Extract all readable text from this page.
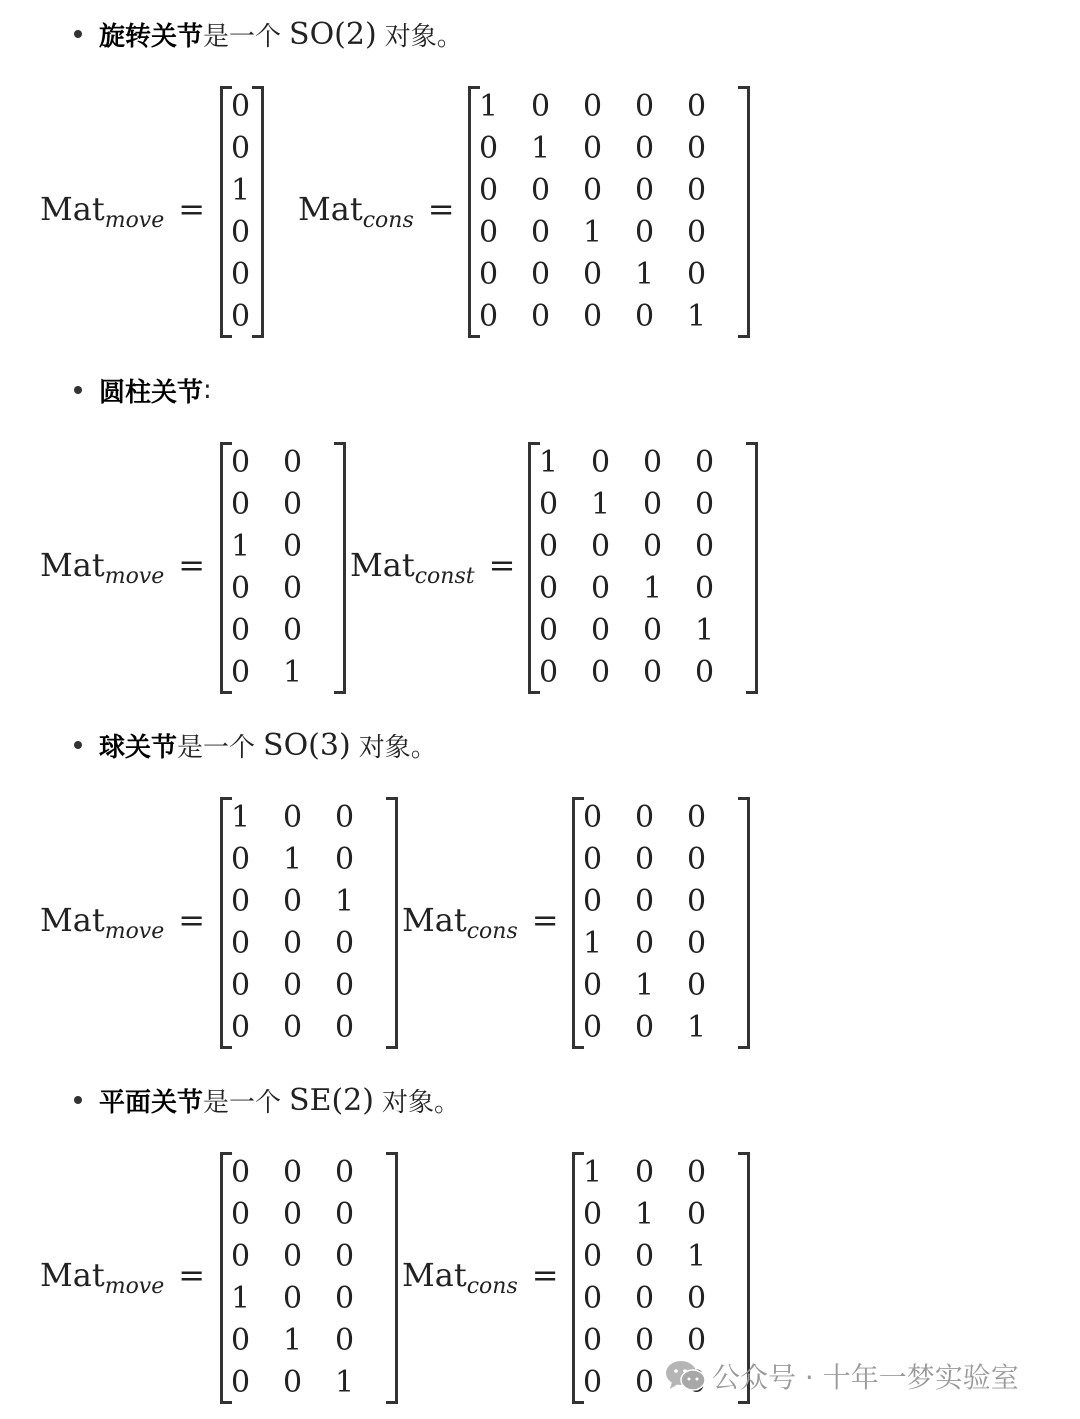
旋转关节 是一个 SO(2) 对象。
Mat move =
0
0
1
0
0
0
Mat cons =
1	0	0	0	0
0	1	0	0	0
0	0	0	0	0
0	0	1	0	0
0	0	0	1	0
0	0	0	0	1
圆柱关节 :
Mat move =
0	0
0	0
1	0
0	0
0	0
0	1
Mat const =
1	0	0	0
0	1	0	0
0	0	0	0
0	0	1	0
0	0	0	1
0	0	0	0
球关节 是一个 SO(3) 对象。
Mat move =
1	0	0
0	1	0
0	0	1
0	0	0
0	0	0
0	0	0
Mat cons =
0	0	0
0	0	0
0	0	0
1	0	0
0	1	0
0	0	1
平面关节 是一个 SE(2) 对象。
Mat move =
0	0	0
0	0	0
0	0	0
1	0	0
0	1	0
0	0	1
Mat cons =
1	0	0
0	1	0
0	0	1
0	0	0
0	0	0
0	0	公众号 · 十年一梦实验室
